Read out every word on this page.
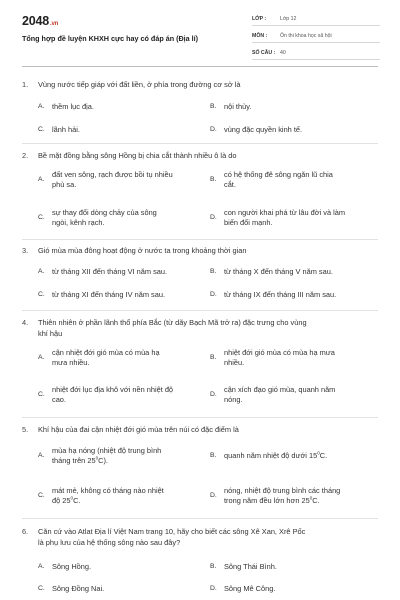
2048.vn
Tổng hợp đề luyện KHXH cực hay có đáp án (Địa lí)
LỚP :	Lớp 12
MÔN :	Ôn thi khoa học xã hội
SỐ CÂU : 40
1.	Vùng nước tiếp giáp với đất liền, ở phía trong đường cơ sở là
A.	thềm lục địa.	B.	nội thủy.
C. lãnh hải.	D. vùng đặc quyền kinh tế.
2.	Bề mặt đồng bằng sông Hồng bị chia cắt thành nhiều ô là do
A.
đất ven sông, rạch được bồi tụ nhiều
phù sa.
B.
có hệ thống đê sông ngăn lũ chia
cắt.
C.
sự thay đổi dòng chảy của sông
ngòi, kênh rạch.
D.
con người khai phá từ lâu đời và làm
biến đổi mạnh.
3.	Gió mùa mùa đông hoạt động ở nước ta trong khoảng thời gian
A.	từ tháng XII đến tháng VI năm sau.	B.	từ tháng X đến tháng V năm sau.
C. từ tháng XI đến tháng IV năm sau.	D. từ tháng IX đến tháng III năm sau.
4.	Thiên nhiên ở phần lãnh thổ phía Bắc (từ dãy Bạch Mã trở ra) đặc trưng cho vùng
khí hậu
A.
cận nhiệt đới gió mùa có mùa hạ
mưa nhiều.
B.
nhiệt đới gió mùa có mùa hạ mưa
nhiều.
C.
nhiệt đới lục địa khô với nền nhiệt độ
cao.
D.
cận xích đạo gió mùa, quanh năm
nóng.
5.	Khí hậu của đai cận nhiệt đới gió mùa trên núi có đặc điểm là
A.
mùa hạ nóng (nhiệt độ trung bình
tháng trên $25^0C$).
B.	quanh năm nhiệt độ dưới $15^0C$.
C.
mát mẻ, không có tháng nào nhiệt
độ $25^0C$.
D.
nóng, nhiệt độ trung bình các tháng
trong năm đều lớn hơn $25^0C$.
6.	Căn cứ vào Atlat Địa lí Việt Nam trang 10, hãy cho biết các sông Xê Xan, Xrê Pốc
là phụ lưu của hệ thống sông nào sau đây?
A.	Sông Hồng.	B.	Sông Thái Bình.
C. Sông Đồng Nai.	D. Sông Mê Công.
